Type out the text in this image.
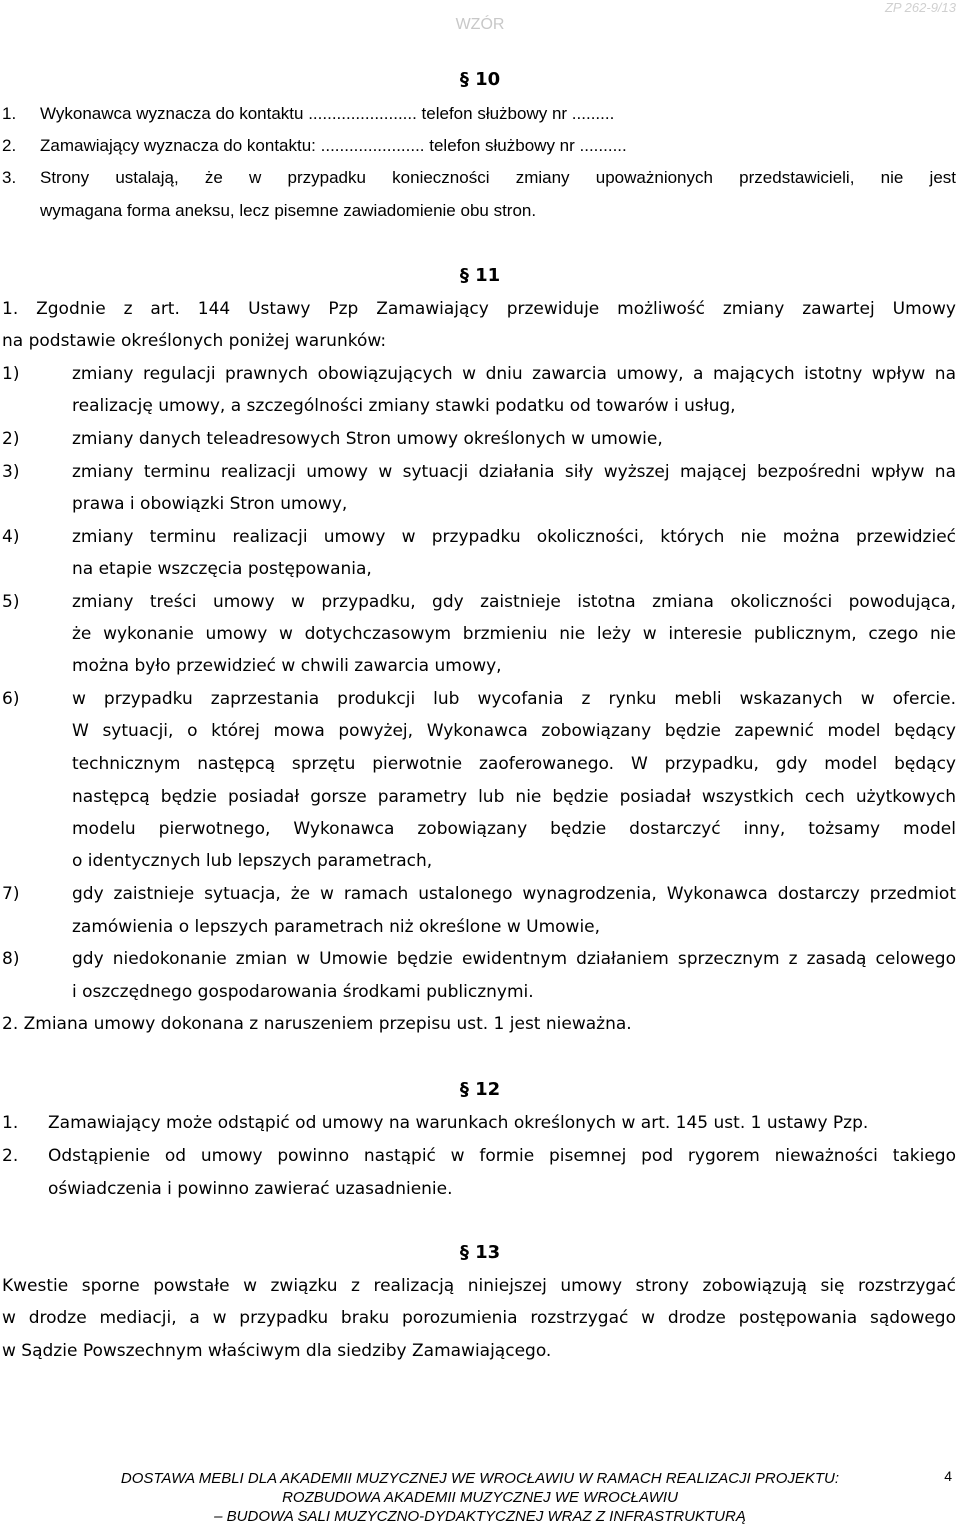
WZÓR
ZP 262-9/13
§ 10
1. Wykonawca wyznacza do kontaktu ....................... telefon służbowy nr .........
2. Zamawiający wyznacza do kontaktu: ...................... telefon służbowy nr ..........
3. Strony ustalają, że w przypadku konieczności zmiany upoważnionych przedstawicieli, nie jest
wymagana forma aneksu, lecz pisemne zawiadomienie obu stron.
§ 11
1. Zgodnie z art. 144 Ustawy Pzp Zamawiający przewiduje możliwość zmiany zawartej Umowy
na podstawie określonych poniżej warunków:
1)	zmiany regulacji prawnych obowiązujących w dniu zawarcia umowy, a mających istotny wpływ na
realizację umowy, a szczególności zmiany stawki podatku od towarów i usług,
2)	zmiany danych teleadresowych Stron umowy określonych w umowie,
3)	zmiany terminu realizacji umowy w sytuacji działania siły wyższej mającej bezpośredni wpływ na
prawa i obowiązki Stron umowy,
4)	zmiany terminu realizacji umowy w przypadku okoliczności, których nie można przewidzieć
na etapie wszczęcia postępowania,
5)	zmiany treści umowy w przypadku, gdy zaistnieje istotna zmiana okoliczności powodująca,
że wykonanie umowy w dotychczasowym brzmieniu nie leży w interesie publicznym, czego nie
można było przewidzieć w chwili zawarcia umowy,
6)	w przypadku zaprzestania produkcji lub wycofania z rynku mebli wskazanych w ofercie.
W sytuacji, o której mowa powyżej, Wykonawca zobowiązany będzie zapewnić model będący
technicznym następcą sprzętu pierwotnie zaoferowanego. W przypadku, gdy model będący
następcą będzie posiadał gorsze parametry lub nie będzie posiadał wszystkich cech użytkowych
modelu pierwotnego, Wykonawca zobowiązany będzie dostarczyć inny, tożsamy model
o identycznych lub lepszych parametrach,
7)	gdy zaistnieje sytuacja, że w ramach ustalonego wynagrodzenia, Wykonawca dostarczy przedmiot
zamówienia o lepszych parametrach niż określone w Umowie,
8)	gdy niedokonanie zmian w Umowie będzie ewidentnym działaniem sprzecznym z zasadą celowego
i oszczędnego gospodarowania środkami publicznymi.
2. Zmiana umowy dokonana z naruszeniem przepisu ust. 1 jest nieważna.
§ 12
1. Zamawiający może odstąpić od umowy na warunkach określonych w art. 145 ust. 1 ustawy Pzp.
2. Odstąpienie od umowy powinno nastąpić w formie pisemnej pod rygorem nieważności takiego
oświadczenia i powinno zawierać uzasadnienie.
§ 13
Kwestie sporne powstałe w związku z realizacją niniejszej umowy strony zobowiązują się rozstrzygać
w drodze mediacji, a w przypadku braku porozumienia rozstrzygać w drodze postępowania sądowego
w Sądzie Powszechnym właściwym dla siedziby Zamawiającego.
DOSTAWA MEBLI DLA AKADEMII MUZYCZNEJ WE WROCŁAWIU W RAMACH REALIZACJI PROJEKTU:
ROZBUDOWA AKADEMII MUZYCZNEJ WE WROCŁAWIU
– BUDOWA SALI MUZYCZNO-DYDAKTYCZNEJ WRAZ Z INFRASTRUKTURĄ
4
